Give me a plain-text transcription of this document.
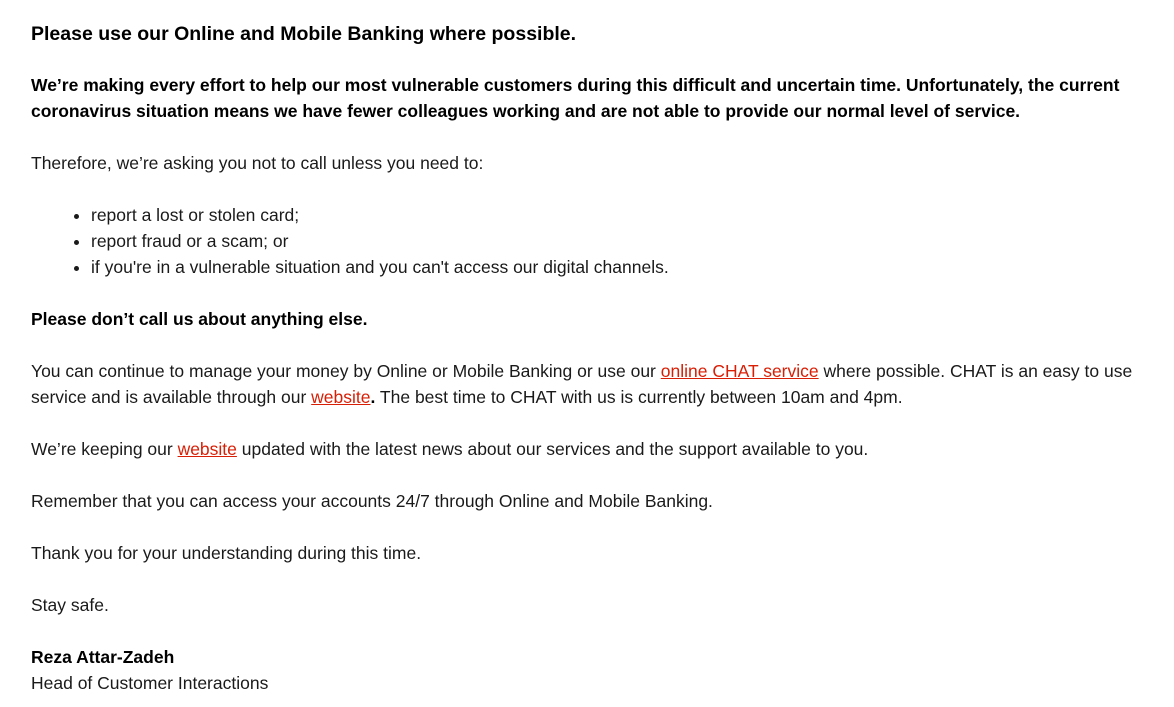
Please use our Online and Mobile Banking where possible.

We’re making every effort to help our most vulnerable customers during this difficult and uncertain time. Unfortunately, the current coronavirus situation means we have fewer colleagues working and are not able to provide our normal level of service.

Therefore, we’re asking you not to call unless you need to:

• report a lost or stolen card;
• report fraud or a scam; or
• if you're in a vulnerable situation and you can't access our digital channels.

Please don’t call us about anything else.

You can continue to manage your money by Online or Mobile Banking or use our online CHAT service where possible. CHAT is an easy to use service and is available through our website. The best time to CHAT with us is currently between 10am and 4pm.

We’re keeping our website updated with the latest news about our services and the support available to you.

Remember that you can access your accounts 24/7 through Online and Mobile Banking.

Thank you for your understanding during this time.

Stay safe.

Reza Attar-Zadeh
Head of Customer Interactions
